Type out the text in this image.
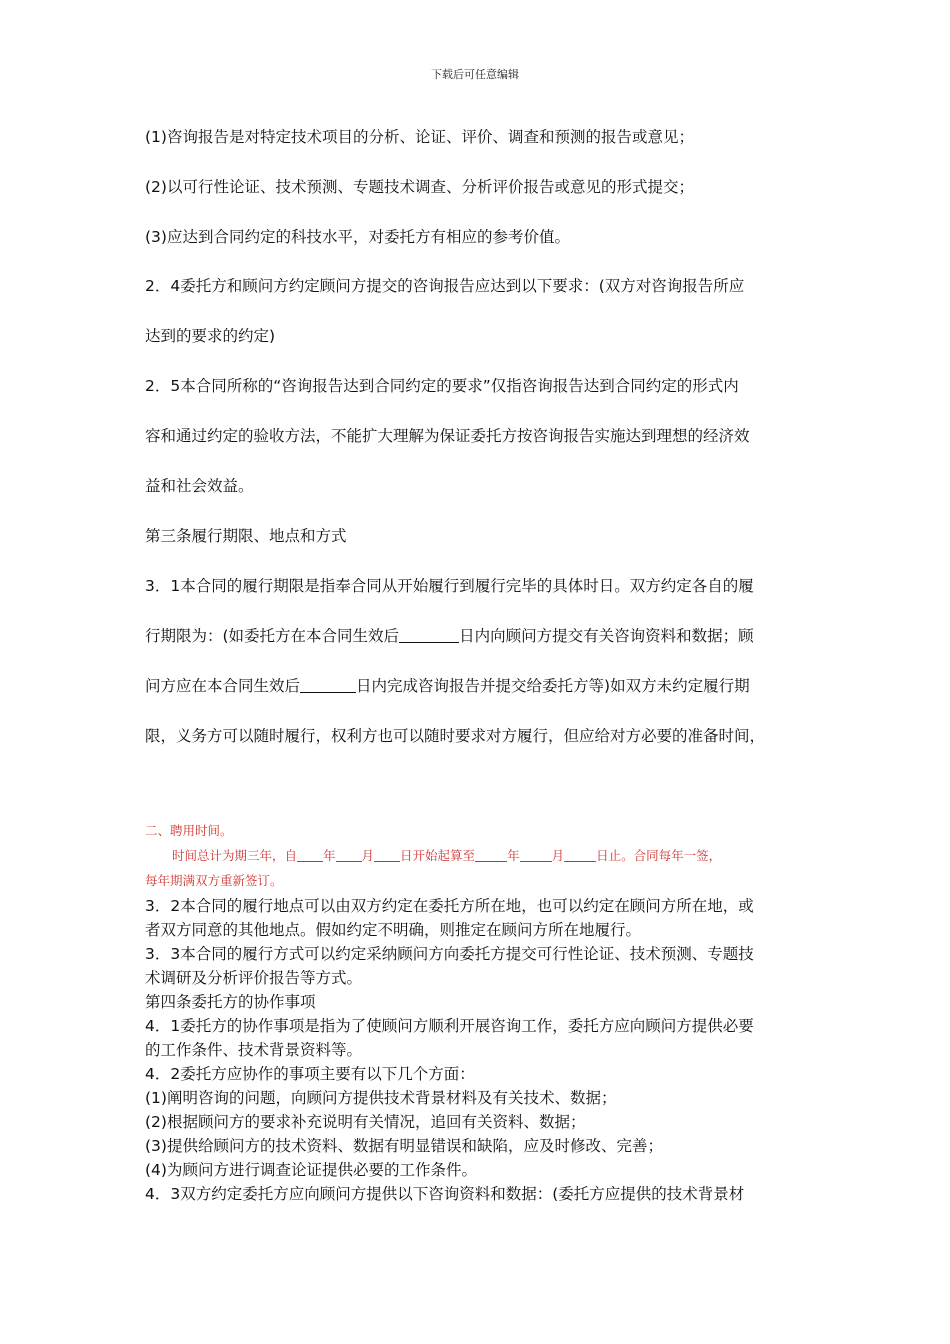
下载后可任意编辑
(1)咨询报告是对特定技术项目的分析、论证、评价、调查和预测的报告或意见；
(2)以可行性论证、技术预测、专题技术调查、分析评价报告或意见的形式提交；
(3)应达到合同约定的科技水平，对委托方有相应的参考价值。
2．4委托方和顾问方约定顾问方提交的咨询报告应达到以下要求：(双方对咨询报告所应
达到的要求的约定)
2．5本合同所称的“咨询报告达到合同约定的要求”仅指咨询报告达到合同约定的形式内
容和通过约定的验收方法，不能扩大理解为保证委托方按咨询报告实施达到理想的经济效
益和社会效益。
第三条履行期限、地点和方式
3．1本合同的履行期限是指奉合同从开始履行到履行完毕的具体时日。双方约定各自的履
行期限为：(如委托方在本合同生效后	日内向顾问方提交有关咨询资料和数据；顾
问方应在本合同生效后	日内完成咨询报告并提交给委托方等)如双方未约定履行期
限，义务方可以随时履行，权利方也可以随时要求对方履行，但应给对方必要的准备时间，
二、聘用时间。
时间总计为期三年，自 年 月 日开始起算至	年	月	日止。合同每年一签，
每年期满双方重新签订。
3．2本合同的履行地点可以由双方约定在委托方所在地，也可以约定在顾问方所在地，或
者双方同意的其他地点。假如约定不明确，则推定在顾问方所在地履行。
3．3本合同的履行方式可以约定采纳顾问方向委托方提交可行性论证、技术预测、专题技
术调研及分析评价报告等方式。
第四条委托方的协作事项
4．1委托方的协作事项是指为了使顾问方顺利开展咨询工作，委托方应向顾问方提供必要
的工作条件、技术背景资料等。
4．2委托方应协作的事项主要有以下几个方面：
(1)阐明咨询的问题，向顾问方提供技术背景材料及有关技术、数据；
(2)根据顾问方的要求补充说明有关情况，追回有关资料、数据；
(3)提供给顾问方的技术资料、数据有明显错误和缺陷，应及时修改、完善；
(4)为顾问方进行调查论证提供必要的工作条件。
4．3双方约定委托方应向顾问方提供以下咨询资料和数据：(委托方应提供的技术背景材
